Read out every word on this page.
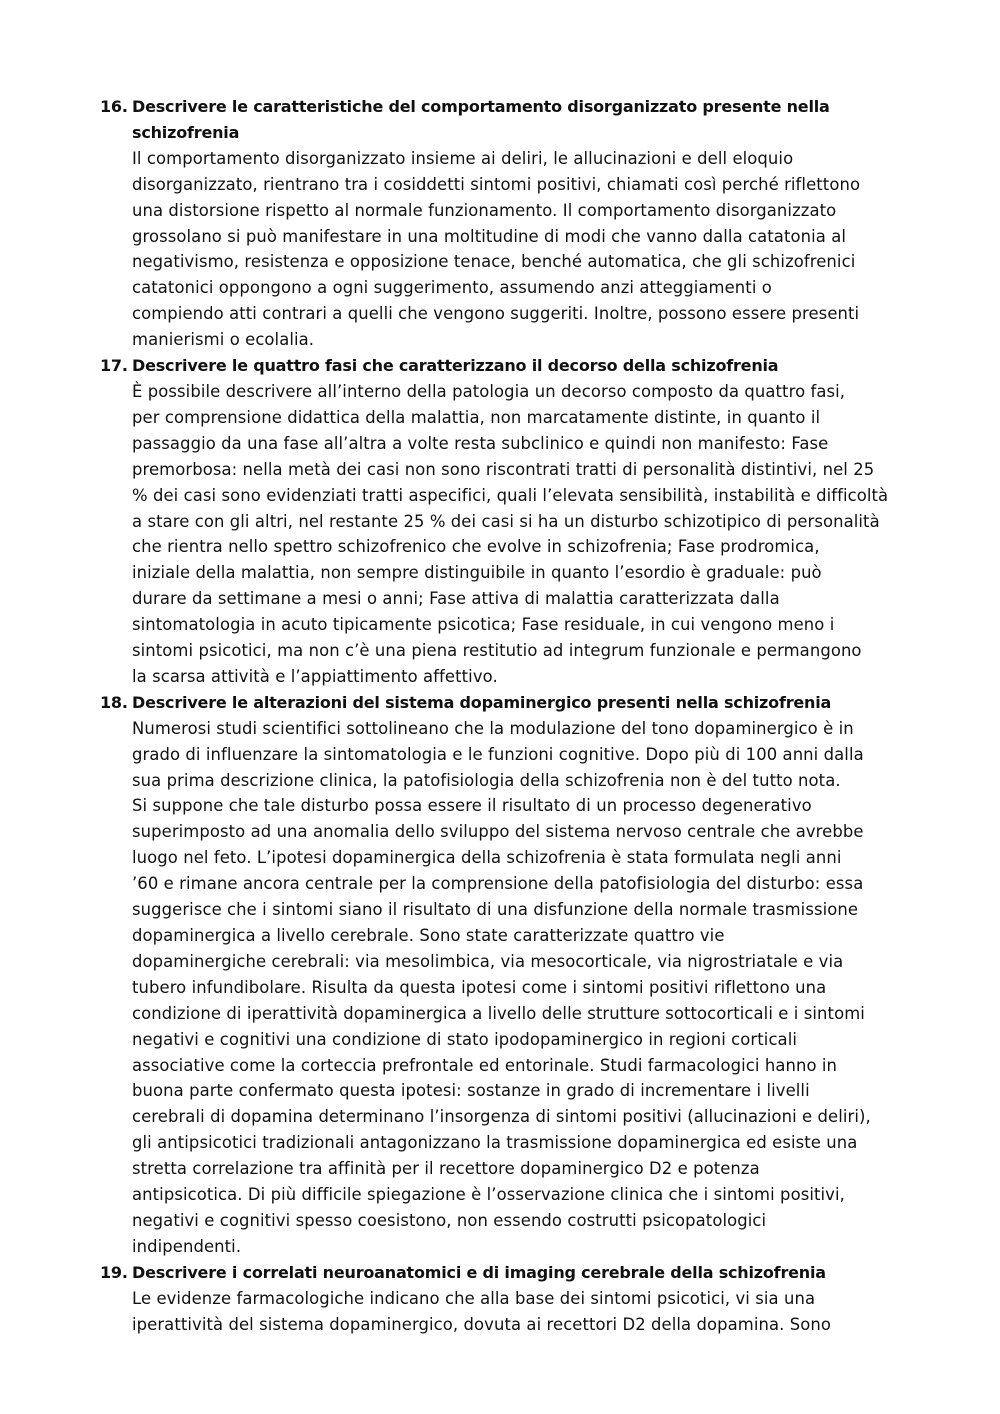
16. Descrivere le caratteristiche del comportamento disorganizzato presente nella
schizofrenia
Il comportamento disorganizzato insieme ai deliri, le allucinazioni e dell eloquio
disorganizzato, rientrano tra i cosiddetti sintomi positivi, chiamati così perché riflettono
una distorsione rispetto al normale funzionamento. Il comportamento disorganizzato
grossolano si può manifestare in una moltitudine di modi che vanno dalla catatonia al
negativismo, resistenza e opposizione tenace, benché automatica, che gli schizofrenici
catatonici oppongono a ogni suggerimento, assumendo anzi atteggiamenti o
compiendo atti contrari a quelli che vengono suggeriti. Inoltre, possono essere presenti
manierismi o ecolalia.
17. Descrivere le quattro fasi che caratterizzano il decorso della schizofrenia
È possibile descrivere all’interno della patologia un decorso composto da quattro fasi,
per comprensione didattica della malattia, non marcatamente distinte, in quanto il
passaggio da una fase all’altra a volte resta subclinico e quindi non manifesto: Fase
premorbosa: nella metà dei casi non sono riscontrati tratti di personalità distintivi, nel 25
% dei casi sono evidenziati tratti aspecifici, quali l’elevata sensibilità, instabilità e difficoltà
a stare con gli altri, nel restante 25 % dei casi si ha un disturbo schizotipico di personalità
che rientra nello spettro schizofrenico che evolve in schizofrenia; Fase prodromica,
iniziale della malattia, non sempre distinguibile in quanto l’esordio è graduale: può
durare da settimane a mesi o anni; Fase attiva di malattia caratterizzata dalla
sintomatologia in acuto tipicamente psicotica; Fase residuale, in cui vengono meno i
sintomi psicotici, ma non c’è una piena restitutio ad integrum funzionale e permangono
la scarsa attività e l’appiattimento affettivo.
18. Descrivere le alterazioni del sistema dopaminergico presenti nella schizofrenia
Numerosi studi scientifici sottolineano che la modulazione del tono dopaminergico è in
grado di influenzare la sintomatologia e le funzioni cognitive. Dopo più di 100 anni dalla
sua prima descrizione clinica, la patofisiologia della schizofrenia non è del tutto nota.
Si suppone che tale disturbo possa essere il risultato di un processo degenerativo
superimposto ad una anomalia dello sviluppo del sistema nervoso centrale che avrebbe
luogo nel feto. L’ipotesi dopaminergica della schizofrenia è stata formulata negli anni
’60 e rimane ancora centrale per la comprensione della patofisiologia del disturbo: essa
suggerisce che i sintomi siano il risultato di una disfunzione della normale trasmissione
dopaminergica a livello cerebrale. Sono state caratterizzate quattro vie
dopaminergiche cerebrali: via mesolimbica, via mesocorticale, via nigrostriatale e via
tubero infundibolare. Risulta da questa ipotesi come i sintomi positivi riflettono una
condizione di iperattività dopaminergica a livello delle strutture sottocorticali e i sintomi
negativi e cognitivi una condizione di stato ipodopaminergico in regioni corticali
associative come la corteccia prefrontale ed entorinale. Studi farmacologici hanno in
buona parte confermato questa ipotesi: sostanze in grado di incrementare i livelli
cerebrali di dopamina determinano l’insorgenza di sintomi positivi (allucinazioni e deliri),
gli antipsicotici tradizionali antagonizzano la trasmissione dopaminergica ed esiste una
stretta correlazione tra affinità per il recettore dopaminergico D2 e potenza
antipsicotica. Di più difficile spiegazione è l’osservazione clinica che i sintomi positivi,
negativi e cognitivi spesso coesistono, non essendo costrutti psicopatologici
indipendenti.
19. Descrivere i correlati neuroanatomici e di imaging cerebrale della schizofrenia
Le evidenze farmacologiche indicano che alla base dei sintomi psicotici, vi sia una
iperattività del sistema dopaminergico, dovuta ai recettori D2 della dopamina. Sono
